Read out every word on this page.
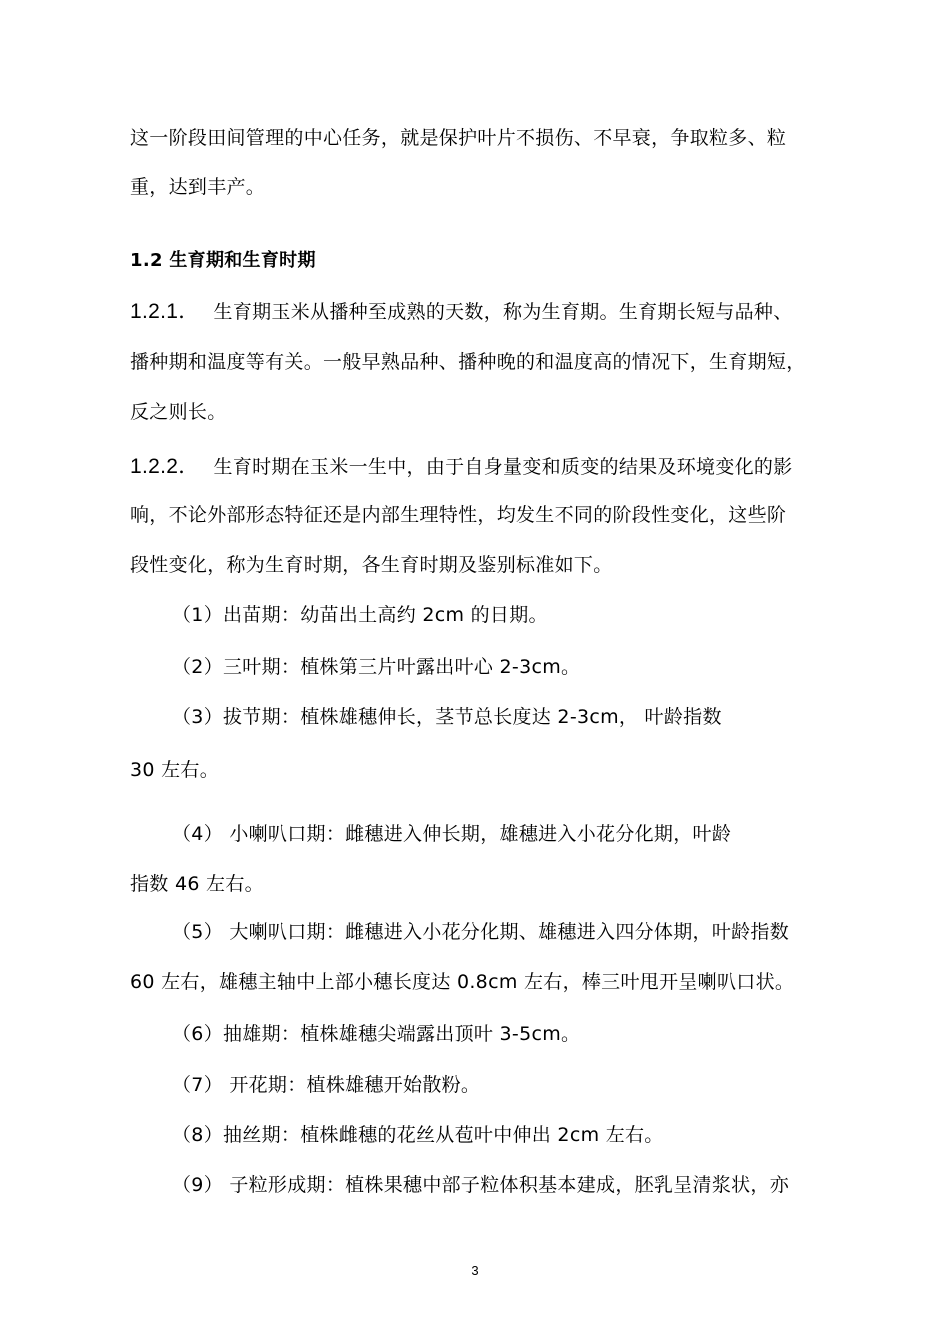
这一阶段田间管理的中心任务，就是保护叶片不损伤、不早衰，争取粒多、粒
重，达到丰产。
1.2 生育期和生育时期
1.2.1． 生育期玉米从播种至成熟的天数，称为生育期。生育期长短与品种、
播种期和温度等有关。一般早熟品种、播种晚的和温度高的情况下，生育期短，
反之则长。
1.2.2． 生育时期在玉米一生中，由于自身量变和质变的结果及环境变化的影
响，不论外部形态特征还是内部生理特性，均发生不同的阶段性变化，这些阶
段性变化，称为生育时期，各生育时期及鉴别标准如下。
（1）出苗期：幼苗出土高约 2cm 的日期。
（2）三叶期：植株第三片叶露出叶心 2-3cm。
（3）拔节期：植株雄穗伸长，茎节总长度达 2-3cm， 叶龄指数
30 左右。
（4） 小喇叭口期：雌穗进入伸长期，雄穗进入小花分化期，叶龄
指数 46 左右。
（5） 大喇叭口期：雌穗进入小花分化期、雄穗进入四分体期，叶龄指数
60 左右，雄穗主轴中上部小穗长度达 0.8cm 左右，棒三叶甩开呈喇叭口状。
（6）抽雄期：植株雄穗尖端露出顶叶 3-5cm。
（7） 开花期：植株雄穗开始散粉。
（8）抽丝期：植株雌穗的花丝从苞叶中伸出 2cm 左右。
（9） 子粒形成期：植株果穗中部子粒体积基本建成，胚乳呈清浆状，亦
3
